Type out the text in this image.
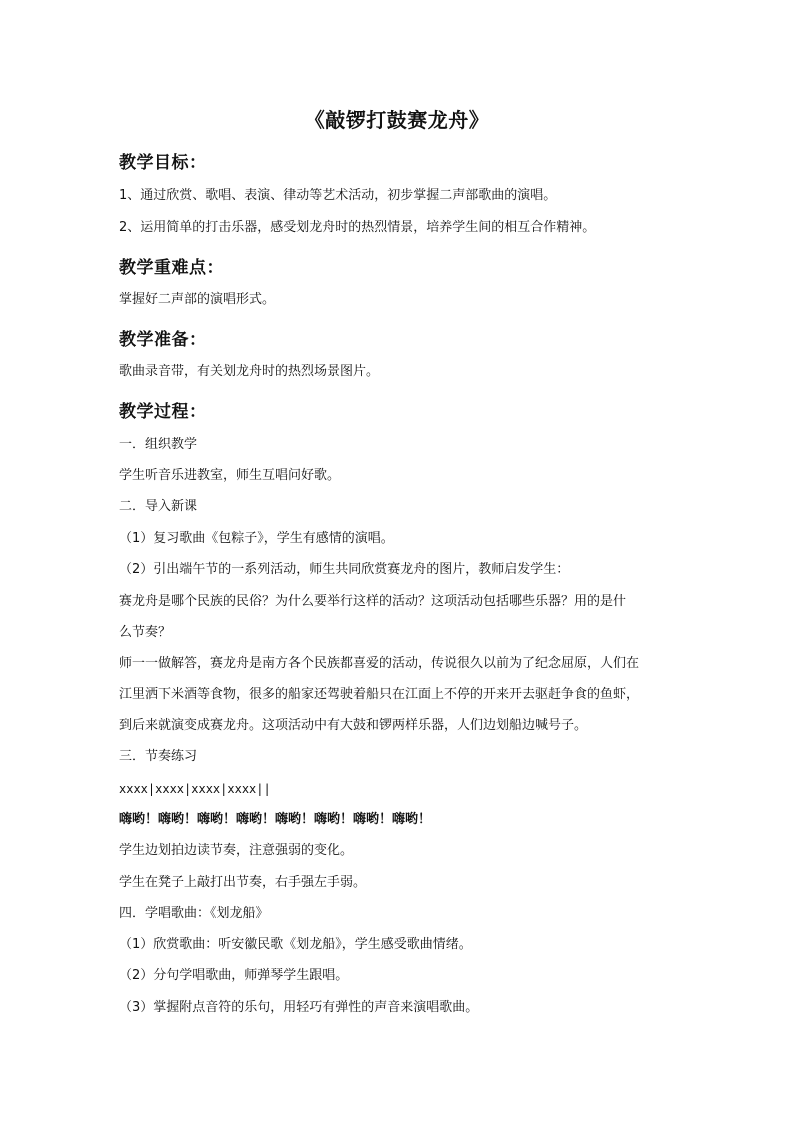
《敲锣打鼓赛龙舟》
教学目标：
1、通过欣赏、歌唱、表演、律动等艺术活动，初步掌握二声部歌曲的演唱。
2、运用简单的打击乐器，感受划龙舟时的热烈情景，培养学生间的相互合作精神。
教学重难点：
掌握好二声部的演唱形式。
教学准备：
歌曲录音带，有关划龙舟时的热烈场景图片。
教学过程：
一．组织教学
学生听音乐进教室，师生互唱问好歌。
二．导入新课
（1）复习歌曲《包粽子》，学生有感情的演唱。
（2）引出端午节的一系列活动，师生共同欣赏赛龙舟的图片，教师启发学生：
赛龙舟是哪个民族的民俗？为什么要举行这样的活动？这项活动包括哪些乐器？用的是什
么节奏？
师一一做解答，赛龙舟是南方各个民族都喜爱的活动，传说很久以前为了纪念屈原，人们在
江里洒下米酒等食物，很多的船家还驾驶着船只在江面上不停的开来开去驱赶争食的鱼虾，
到后来就演变成赛龙舟。这项活动中有大鼓和锣两样乐器，人们边划船边喊号子。
三．节奏练习
xxxx|xxxx|xxxx|xxxx||
嗨哟！嗨哟！嗨哟！嗨哟！嗨哟！嗨哟！嗨哟！嗨哟！
学生边划拍边读节奏，注意强弱的变化。
学生在凳子上敲打出节奏，右手强左手弱。
四．学唱歌曲：《划龙船》
（1）欣赏歌曲：听安徽民歌《划龙船》，学生感受歌曲情绪。
（2）分句学唱歌曲，师弹琴学生跟唱。
（3）掌握附点音符的乐句，用轻巧有弹性的声音来演唱歌曲。
